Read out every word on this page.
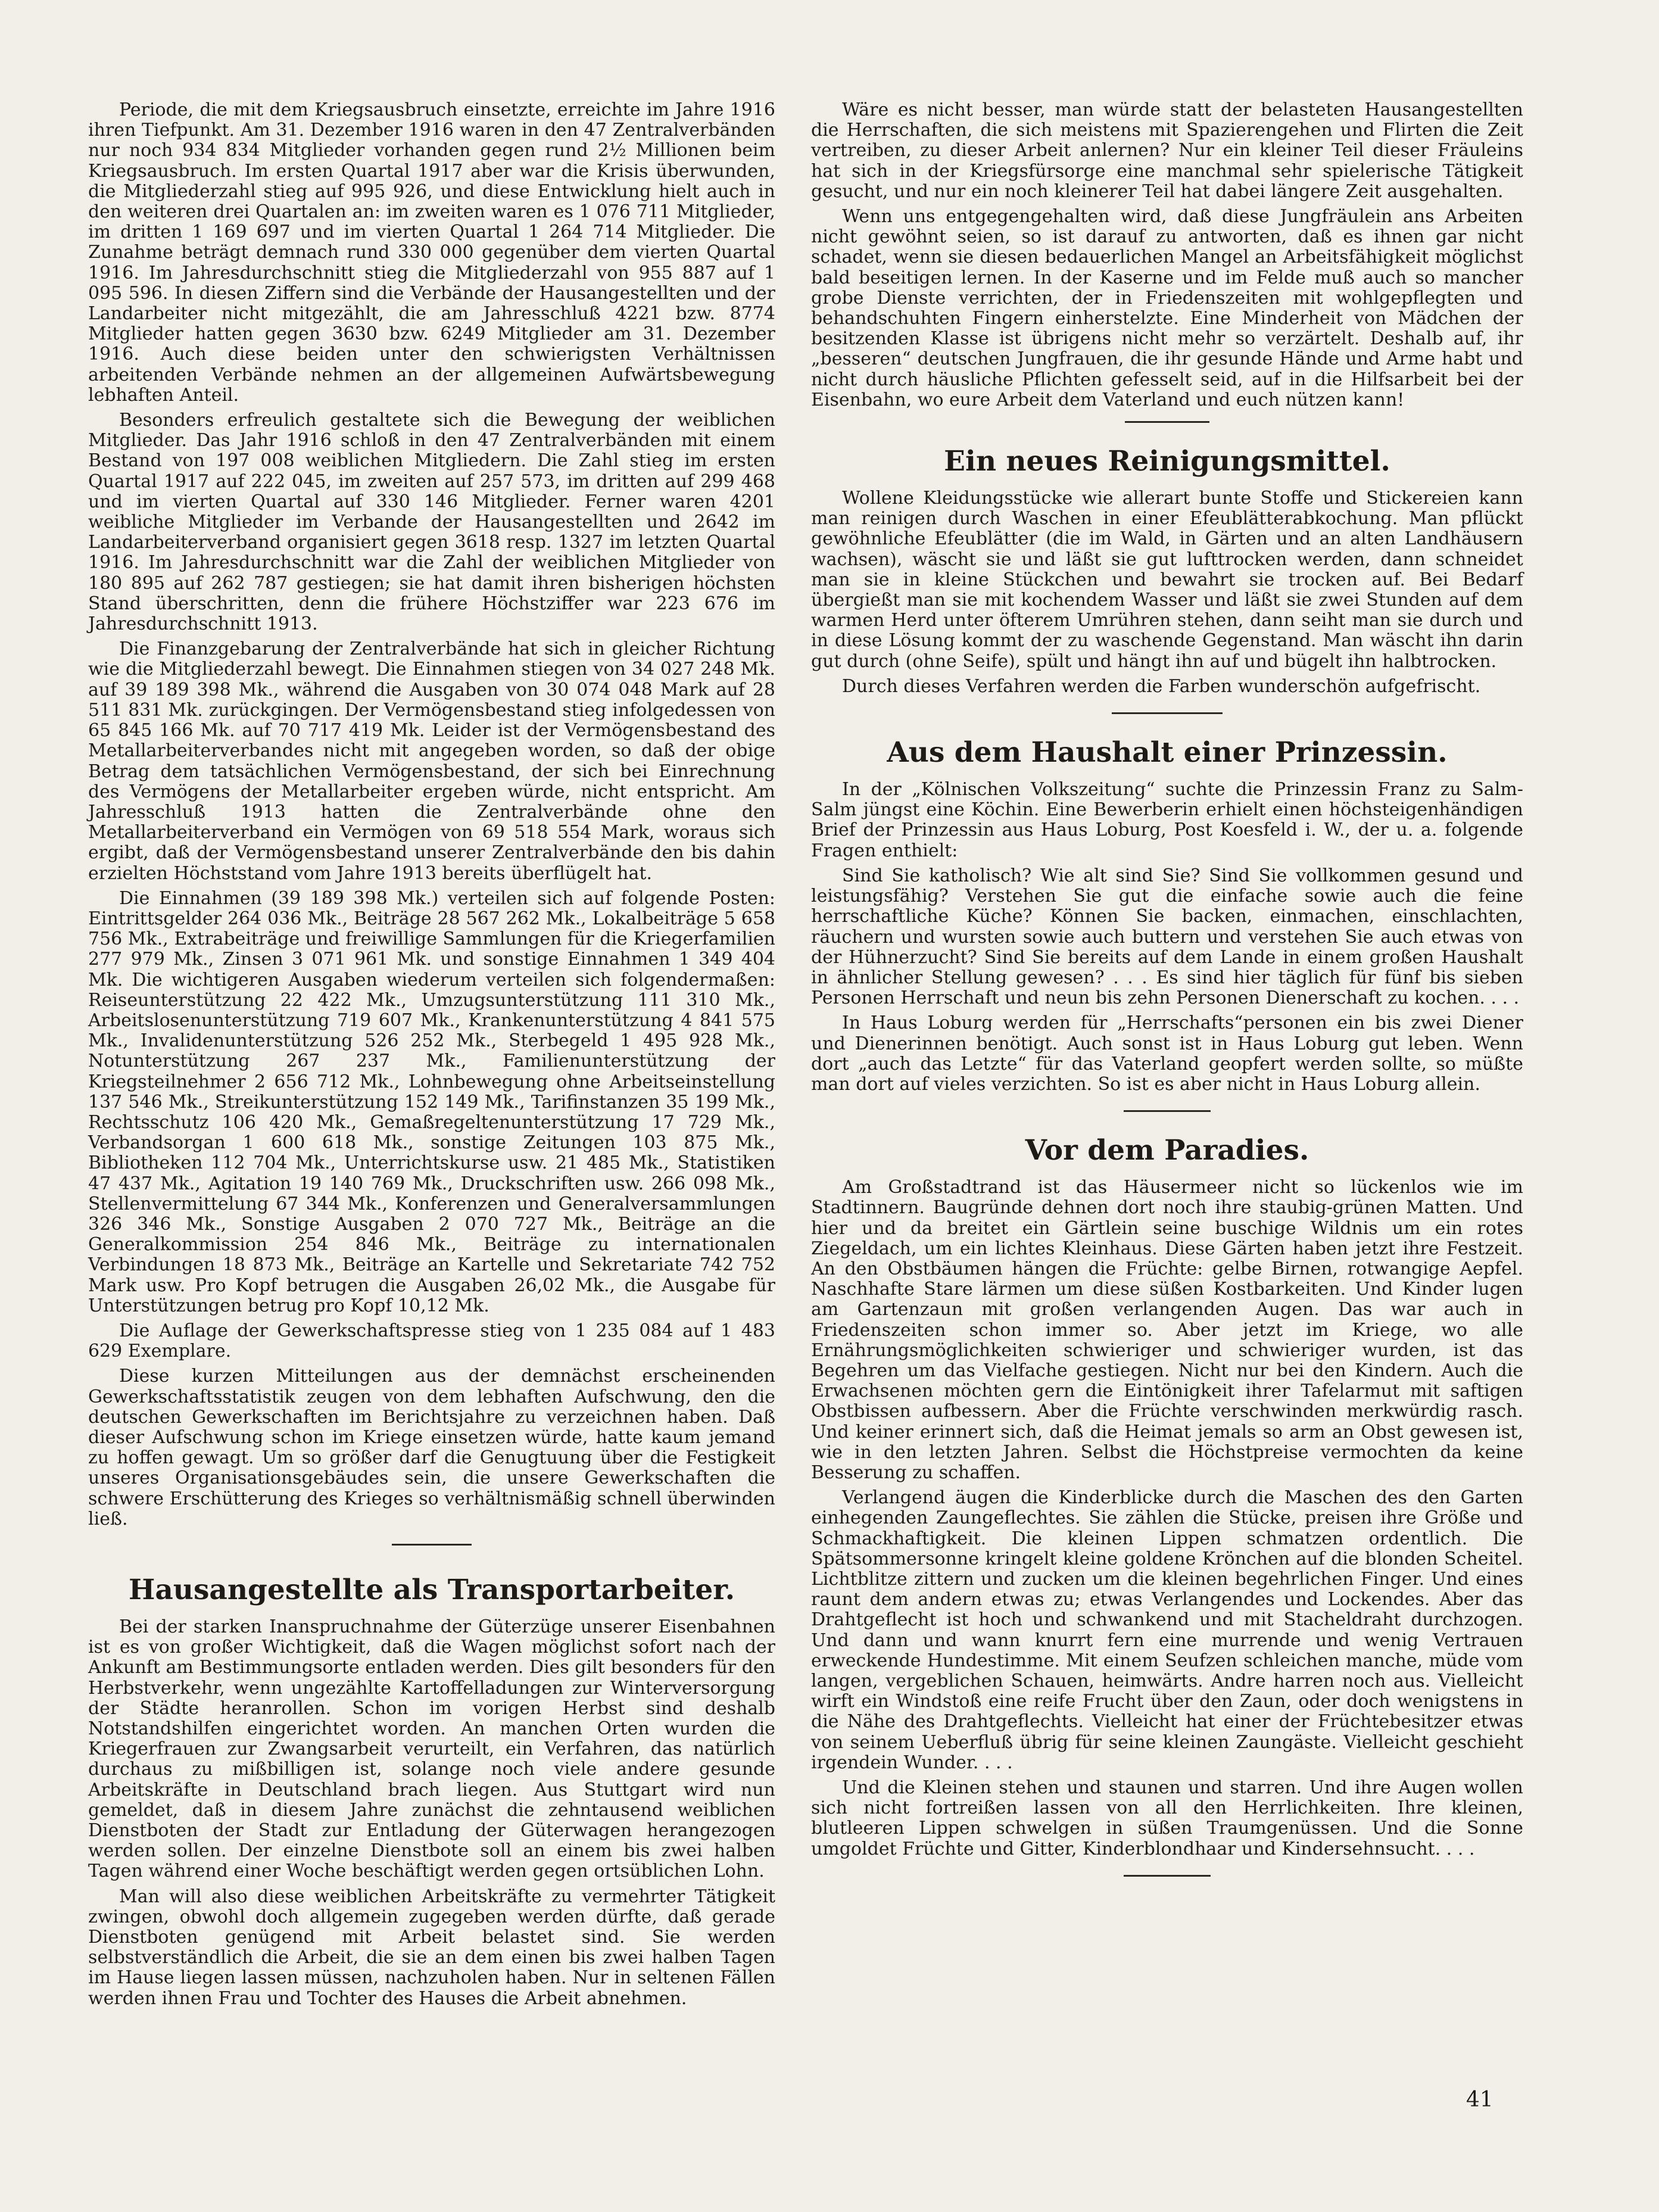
Periode, die mit dem Kriegsausbruch einsetzte, erreichte im Jahre 1916 ihren Tiefpunkt. Am 31. Dezember 1916 waren in den 47 Zentralverbänden nur noch 934 834 Mitglieder vorhanden gegen rund 2½ Millionen beim Kriegsausbruch. Im ersten Quartal 1917 aber war die Krisis überwunden, die Mitgliederzahl stieg auf 995 926, und diese Entwicklung hielt auch in den weiteren drei Quartalen an: im zweiten waren es 1 076 711 Mitglieder, im dritten 1 169 697 und im vierten Quartal 1 264 714 Mitglieder. Die Zunahme beträgt demnach rund 330 000 gegenüber dem vierten Quartal 1916. Im Jahresdurchschnitt stieg die Mitgliederzahl von 955 887 auf 1 095 596. In diesen Ziffern sind die Verbände der Hausangestellten und der Landarbeiter nicht mitgezählt, die am Jahresschluß 4221 bzw. 8774 Mitglieder hatten gegen 3630 bzw. 6249 Mitglieder am 31. Dezember 1916. Auch diese beiden unter den schwierigsten Verhältnissen arbeitenden Verbände nehmen an der allgemeinen Aufwärtsbewegung lebhaften Anteil.

Besonders erfreulich gestaltete sich die Bewegung der weiblichen Mitglieder. Das Jahr 1916 schloß in den 47 Zentralverbänden mit einem Bestand von 197 008 weiblichen Mitgliedern. Die Zahl stieg im ersten Quartal 1917 auf 222 045, im zweiten auf 257 573, im dritten auf 299 468 und im vierten Quartal auf 330 146 Mitglieder. Ferner waren 4201 weibliche Mitglieder im Verbande der Hausangestellten und 2642 im Landarbeiterverband organisiert gegen 3618 resp. 1327 im letzten Quartal 1916. Im Jahresdurchschnitt war die Zahl der weiblichen Mitglieder von 180 895 auf 262 787 gestiegen; sie hat damit ihren bisherigen höchsten Stand überschritten, denn die frühere Höchstziffer war 223 676 im Jahresdurchschnitt 1913.

Die Finanzgebarung der Zentralverbände hat sich in gleicher Richtung wie die Mitgliederzahl bewegt. Die Einnahmen stiegen von 34 027 248 Mk. auf 39 189 398 Mk., während die Ausgaben von 30 074 048 Mark auf 28 511 831 Mk. zurückgingen. Der Vermögensbestand stieg infolgedessen von 65 845 166 Mk. auf 70 717 419 Mk. Leider ist der Vermögensbestand des Metallarbeiterverbandes nicht mit angegeben worden, so daß der obige Betrag dem tatsächlichen Vermögensbestand, der sich bei Einrechnung des Vermögens der Metallarbeiter ergeben würde, nicht entspricht. Am Jahresschluß 1913 hatten die Zentralverbände ohne den Metallarbeiterverband ein Vermögen von 69 518 554 Mark, woraus sich ergibt, daß der Vermögensbestand unserer Zentralverbände den bis dahin erzielten Höchststand vom Jahre 1913 bereits überflügelt hat.

Die Einnahmen (39 189 398 Mk.) verteilen sich auf folgende Posten: Eintrittsgelder 264 036 Mk., Beiträge 28 567 262 Mk., Lokalbeiträge 5 658 756 Mk., Extrabeiträge und freiwillige Sammlungen für die Kriegerfamilien 277 979 Mk., Zinsen 3 071 961 Mk. und sonstige Einnahmen 1 349 404 Mk. Die wichtigeren Ausgaben wiederum verteilen sich folgendermaßen: Reiseunterstützung 22 422 Mk., Umzugsunterstützung 111 310 Mk., Arbeitslosenunterstützung 719 607 Mk., Krankenunterstützung 4 841 575 Mk., Invalidenunterstützung 526 252 Mk., Sterbegeld 1 495 928 Mk., Notunterstützung 267 237 Mk., Familienunterstützung der Kriegsteilnehmer 2 656 712 Mk., Lohnbewegung ohne Arbeitseinstellung 137 546 Mk., Streikunterstützung 152 149 Mk., Tarifinstanzen 35 199 Mk., Rechtsschutz 106 420 Mk., Gemaßregeltenunterstützung 17 729 Mk., Verbandsorgan 1 600 618 Mk., sonstige Zeitungen 103 875 Mk., Bibliotheken 112 704 Mk., Unterrichtskurse usw. 21 485 Mk., Statistiken 47 437 Mk., Agitation 19 140 769 Mk., Druckschriften usw. 266 098 Mk., Stellenvermittelung 67 344 Mk., Konferenzen und Generalversammlungen 326 346 Mk., Sonstige Ausgaben 2 070 727 Mk., Beiträge an die Generalkommission 254 846 Mk., Beiträge zu internationalen Verbindungen 18 873 Mk., Beiträge an Kartelle und Sekretariate 742 752 Mark usw. Pro Kopf betrugen die Ausgaben 26,02 Mk., die Ausgabe für Unterstützungen betrug pro Kopf 10,12 Mk.

Die Auflage der Gewerkschaftspresse stieg von 1 235 084 auf 1 483 629 Exemplare.

Diese kurzen Mitteilungen aus der demnächst erscheinenden Gewerkschaftsstatistik zeugen von dem lebhaften Aufschwung, den die deutschen Gewerkschaften im Berichtsjahre zu verzeichnen haben. Daß dieser Aufschwung schon im Kriege einsetzen würde, hatte kaum jemand zu hoffen gewagt. Um so größer darf die Genugtuung über die Festigkeit unseres Organisationsgebäudes sein, die unsere Gewerkschaften die schwere Erschütterung des Krieges so verhältnismäßig schnell überwinden ließ.

Hausangestellte als Transportarbeiter.

Bei der starken Inanspruchnahme der Güterzüge unserer Eisenbahnen ist es von großer Wichtigkeit, daß die Wagen möglichst sofort nach der Ankunft am Bestimmungsorte entladen werden. Dies gilt besonders für den Herbstverkehr, wenn ungezählte Kartoffelladungen zur Winterversorgung der Städte heranrollen. Schon im vorigen Herbst sind deshalb Notstandshilfen eingerichtet worden. An manchen Orten wurden die Kriegerfrauen zur Zwangsarbeit verurteilt, ein Verfahren, das natürlich durchaus zu mißbilligen ist, solange noch viele andere gesunde Arbeitskräfte in Deutschland brach liegen. Aus Stuttgart wird nun gemeldet, daß in diesem Jahre zunächst die zehntausend weiblichen Dienstboten der Stadt zur Entladung der Güterwagen herangezogen werden sollen. Der einzelne Dienstbote soll an einem bis zwei halben Tagen während einer Woche beschäftigt werden gegen ortsüblichen Lohn.

Man will also diese weiblichen Arbeitskräfte zu vermehrter Tätigkeit zwingen, obwohl doch allgemein zugegeben werden dürfte, daß gerade Dienstboten genügend mit Arbeit belastet sind. Sie werden selbstverständlich die Arbeit, die sie an dem einen bis zwei halben Tagen im Hause liegen lassen müssen, nachzuholen haben. Nur in seltenen Fällen werden ihnen Frau und Tochter des Hauses die Arbeit abnehmen.

Wäre es nicht besser, man würde statt der belasteten Hausangestellten die Herrschaften, die sich meistens mit Spazierengehen und Flirten die Zeit vertreiben, zu dieser Arbeit anlernen? Nur ein kleiner Teil dieser Fräuleins hat sich in der Kriegsfürsorge eine manchmal sehr spielerische Tätigkeit gesucht, und nur ein noch kleinerer Teil hat dabei längere Zeit ausgehalten.

Wenn uns entgegengehalten wird, daß diese Jungfräulein ans Arbeiten nicht gewöhnt seien, so ist darauf zu antworten, daß es ihnen gar nicht schadet, wenn sie diesen bedauerlichen Mangel an Arbeitsfähigkeit möglichst bald beseitigen lernen. In der Kaserne und im Felde muß auch so mancher grobe Dienste verrichten, der in Friedenszeiten mit wohlgepflegten und behandschuhten Fingern einherstelzte. Eine Minderheit von Mädchen der besitzenden Klasse ist übrigens nicht mehr so verzärtelt. Deshalb auf, ihr „besseren“ deutschen Jungfrauen, die ihr gesunde Hände und Arme habt und nicht durch häusliche Pflichten gefesselt seid, auf in die Hilfsarbeit bei der Eisenbahn, wo eure Arbeit dem Vaterland und euch nützen kann!

Ein neues Reinigungsmittel.

Wollene Kleidungsstücke wie allerart bunte Stoffe und Stickereien kann man reinigen durch Waschen in einer Efeublätterabkochung. Man pflückt gewöhnliche Efeublätter (die im Wald, in Gärten und an alten Landhäusern wachsen), wäscht sie und läßt sie gut lufttrocken werden, dann schneidet man sie in kleine Stückchen und bewahrt sie trocken auf. Bei Bedarf übergießt man sie mit kochendem Wasser und läßt sie zwei Stunden auf dem warmen Herd unter öfterem Umrühren stehen, dann seiht man sie durch und in diese Lösung kommt der zu waschende Gegenstand. Man wäscht ihn darin gut durch (ohne Seife), spült und hängt ihn auf und bügelt ihn halbtrocken.

Durch dieses Verfahren werden die Farben wunderschön aufgefrischt.

Aus dem Haushalt einer Prinzessin.

In der „Kölnischen Volkszeitung“ suchte die Prinzessin Franz zu Salm-Salm jüngst eine Köchin. Eine Bewerberin erhielt einen höchsteigenhändigen Brief der Prinzessin aus Haus Loburg, Post Koesfeld i. W., der u. a. folgende Fragen enthielt:

Sind Sie katholisch? Wie alt sind Sie? Sind Sie vollkommen gesund und leistungsfähig? Verstehen Sie gut die einfache sowie auch die feine herrschaftliche Küche? Können Sie backen, einmachen, einschlachten, räuchern und wursten sowie auch buttern und verstehen Sie auch etwas von der Hühnerzucht? Sind Sie bereits auf dem Lande in einem großen Haushalt in ähnlicher Stellung gewesen? . . . Es sind hier täglich für fünf bis sieben Personen Herrschaft und neun bis zehn Personen Dienerschaft zu kochen. . . .

In Haus Loburg werden für „Herrschafts“personen ein bis zwei Diener und Dienerinnen benötigt. Auch sonst ist in Haus Loburg gut leben. Wenn dort „auch das Letzte“ für das Vaterland geopfert werden sollte, so müßte man dort auf vieles verzichten. So ist es aber nicht in Haus Loburg allein.

Vor dem Paradies.

Am Großstadtrand ist das Häusermeer nicht so lückenlos wie im Stadtinnern. Baugründe dehnen dort noch ihre staubig-grünen Matten. Und hier und da breitet ein Gärtlein seine buschige Wildnis um ein rotes Ziegeldach, um ein lichtes Kleinhaus. Diese Gärten haben jetzt ihre Festzeit. An den Obstbäumen hängen die Früchte: gelbe Birnen, rotwangige Aepfel. Naschhafte Stare lärmen um diese süßen Kostbarkeiten. Und Kinder lugen am Gartenzaun mit großen verlangenden Augen. Das war auch in Friedenszeiten schon immer so. Aber jetzt im Kriege, wo alle Ernährungsmöglichkeiten schwieriger und schwieriger wurden, ist das Begehren um das Vielfache gestiegen. Nicht nur bei den Kindern. Auch die Erwachsenen möchten gern die Eintönigkeit ihrer Tafelarmut mit saftigen Obstbissen aufbessern. Aber die Früchte verschwinden merkwürdig rasch. Und keiner erinnert sich, daß die Heimat jemals so arm an Obst gewesen ist, wie in den letzten Jahren. Selbst die Höchstpreise vermochten da keine Besserung zu schaffen.

Verlangend äugen die Kinderblicke durch die Maschen des den Garten einhegenden Zaungeflechtes. Sie zählen die Stücke, preisen ihre Größe und Schmackhaftigkeit. Die kleinen Lippen schmatzen ordentlich. Die Spätsommersonne kringelt kleine goldene Krönchen auf die blonden Scheitel. Lichtblitze zittern und zucken um die kleinen begehrlichen Finger. Und eines raunt dem andern etwas zu; etwas Verlangendes und Lockendes. Aber das Drahtgeflecht ist hoch und schwankend und mit Stacheldraht durchzogen. Und dann und wann knurrt fern eine murrende und wenig Vertrauen erweckende Hundestimme. Mit einem Seufzen schleichen manche, müde vom langen, vergeblichen Schauen, heimwärts. Andre harren noch aus. Vielleicht wirft ein Windstoß eine reife Frucht über den Zaun, oder doch wenigstens in die Nähe des Drahtgeflechts. Vielleicht hat einer der Früchtebesitzer etwas von seinem Ueberfluß übrig für seine kleinen Zaungäste. Vielleicht geschieht irgendein Wunder. . . .

Und die Kleinen stehen und staunen und starren. Und ihre Augen wollen sich nicht fortreißen lassen von all den Herrlichkeiten. Ihre kleinen, blutleeren Lippen schwelgen in süßen Traumgenüssen. Und die Sonne umgoldet Früchte und Gitter, Kinderblondhaar und Kindersehnsucht. . . .

41
